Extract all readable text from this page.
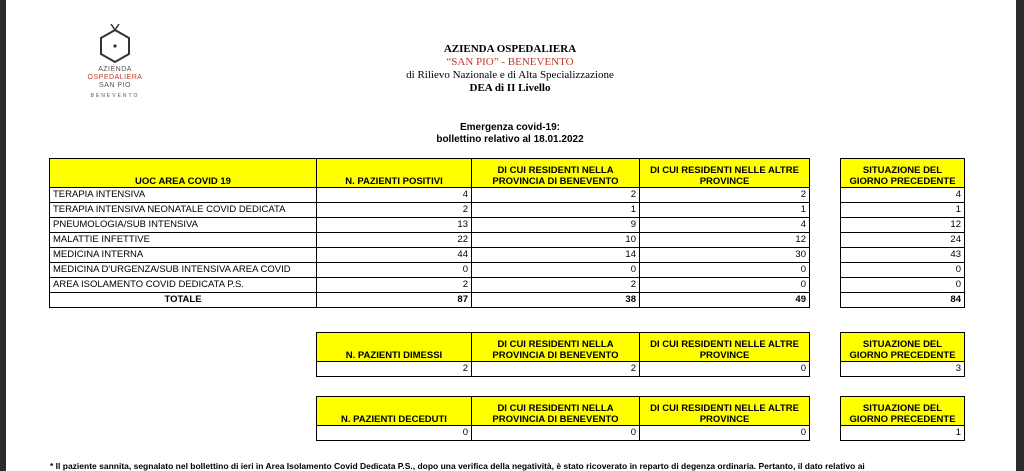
AZIENDA
OSPEDALIERA
SAN PIO
BENEVENTO
AZIENDA OSPEDALIERA
“SAN PIO” - BENEVENTO
di Rilievo Nazionale e di Alta Specializzazione
DEA di II Livello
Emergenza covid-19:
bollettino relativo al 18.01.2022
UOC AREA COVID 19	N. PAZIENTI POSITIVI	DI CUI RESIDENTI NELLA PROVINCIA DI BENEVENTO	DI CUI RESIDENTI NELLE ALTRE PROVINCE		SITUAZIONE DEL GIORNO PRECEDENTE
TERAPIA INTENSIVA	4	2	2		4
TERAPIA INTENSIVA NEONATALE COVID DEDICATA	2	1	1		1
PNEUMOLOGIA/SUB INTENSIVA	13	9	4		12
MALATTIE INFETTIVE	22	10	12		24
MEDICINA INTERNA	44	14	30		43
MEDICINA D'URGENZA/SUB INTENSIVA AREA COVID	0	0	0		0
AREA ISOLAMENTO COVID DEDICATA P.S.	2	2	0		0
TOTALE	87	38	49		84
N. PAZIENTI DIMESSI	DI CUI RESIDENTI NELLA PROVINCIA DI BENEVENTO	DI CUI RESIDENTI NELLE ALTRE PROVINCE		SITUAZIONE DEL GIORNO PRECEDENTE
2	2	0		3
N. PAZIENTI DECEDUTI	DI CUI RESIDENTI NELLA PROVINCIA DI BENEVENTO	DI CUI RESIDENTI NELLE ALTRE PROVINCE		SITUAZIONE DEL GIORNO PRECEDENTE
0	0	0		1
* Il paziente sannita, segnalato nel bollettino di ieri in Area Isolamento Covid Dedicata P.S., dopo una verifica della negatività, è stato ricoverato in reparto di degenza ordinaria. Pertanto, il dato relativo ai
